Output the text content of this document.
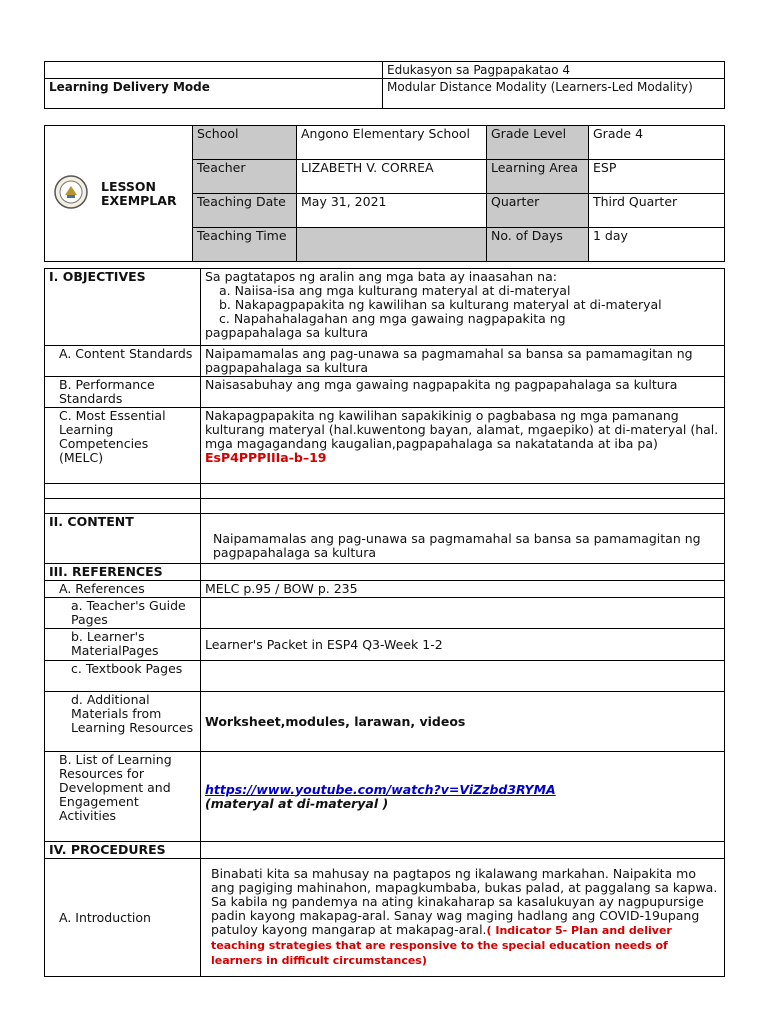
	Edukasyon sa Pagpapakatao 4
Learning Delivery Mode	Modular Distance Modality (Learners-Led Modality)

LESSON
EXEMPLAR	School	Angono Elementary School	Grade Level	Grade 4
	Teacher	LIZABETH V. CORREA	Learning Area	ESP
	Teaching Date	May 31, 2021	Quarter	Third Quarter
	Teaching Time		No. of Days	1 day
I. OBJECTIVES	Sa pagtatapos ng aralin ang mga bata ay inaasahan na:
a. Naiisa-isa ang mga kulturang materyal at di-materyal
b. Nakapagpapakita ng kawilihan sa kulturang materyal at di-materyal
c. Napahahalagahan ang mga gawaing nagpapakita ng
pagpapahalaga sa kultura

A. Content Standards	Naipamamalas ang pag-unawa sa pagmamahal sa bansa sa pamamagitan ng pagpapahalaga sa kultura
B. Performance Standards	Naisasabuhay ang mga gawaing nagpapakita ng pagpapahalaga sa kultura
C. Most Essential Learning Competencies (MELC)	Nakapagpapakita ng kawilihan sapakikinig o pagbabasa ng mga pamanang kulturang materyal (hal.kuwentong bayan, alamat, mgaepiko) at di-materyal (hal. mga magagandang kaugalian,pagpapahalaga sa nakatatanda at iba pa)
EsP4PPPIIIa-b–19

II. CONTENT	Naipamamalas ang pag-unawa sa pagmamahal sa bansa sa pamamagitan ng pagpapahalaga sa kultura
III. REFERENCES	
A. References	MELC p.95 / BOW p. 235
a. Teacher's Guide Pages	
b. Learner's MaterialPages	Learner's Packet in ESP4 Q3-Week 1-2
c. Textbook Pages	
d. Additional Materials from Learning Resources	Worksheet,modules, larawan, videos
B. List of Learning Resources for Development and Engagement Activities	https://www.youtube.com/watch?v=ViZzbd3RYMA
(materyal at di-materyal )

IV. PROCEDURES	
A. Introduction	Binabati kita sa mahusay na pagtapos ng ikalawang markahan. Naipakita mo ang pagiging mahinahon, mapagkumbaba, bukas palad, at paggalang sa kapwa. Sa kabila ng pandemya na ating kinakaharap sa kasalukuyan ay nagpupursige padin kayong makapag-aral. Sanay wag maging hadlang ang COVID-19upang patuloy kayong mangarap at makapag-aral.( Indicator 5- Plan and deliver teaching strategies that are responsive to the special education needs of learners in difficult circumstances)
